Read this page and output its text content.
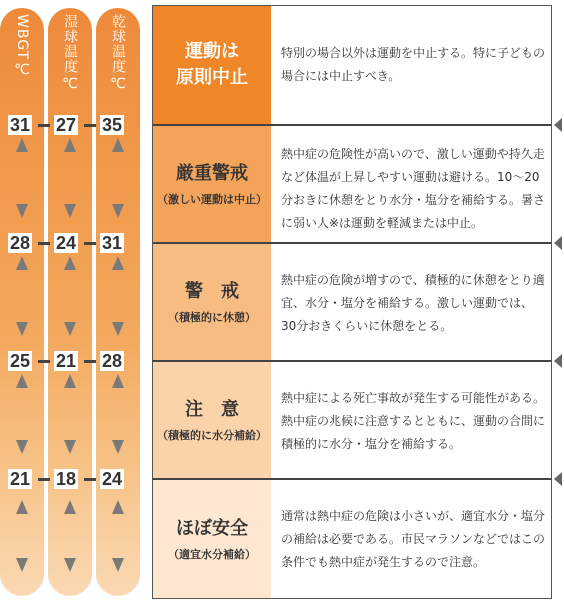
WBGT
℃	湿球温度
℃
乾球温度
℃
運動は
原則中止
厳重警戒
（激しい運動は中止）
警　戒
（積極的に休憩）
注　意
（積極的に水分補給）
ほぼ安全
（適宜水分補給）
特別の場合以外は運動を中止する。特に子どもの場合には中止すべき。
熱中症の危険性が高いので、激しい運動や持久走など体温が上昇しやすい運動は避ける。10〜20分おきに休憩をとり水分・塩分を補給する。暑さに弱い人※は運動を軽減または中止。
熱中症の危険が増すので、積極的に休憩をとり適宜、水分・塩分を補給する。激しい運動では、30分おきくらいに休憩をとる。
熱中症による死亡事故が発生する可能性がある。熱中症の兆候に注意するとともに、運動の合間に積極的に水分・塩分を補給する。
通常は熱中症の危険は小さいが、適宜水分・塩分の補給は必要である。市民マラソンなどではこの条件でも熱中症が発生するので注意。
31 27 35
28 24 31
25 21 28
21 18 24
